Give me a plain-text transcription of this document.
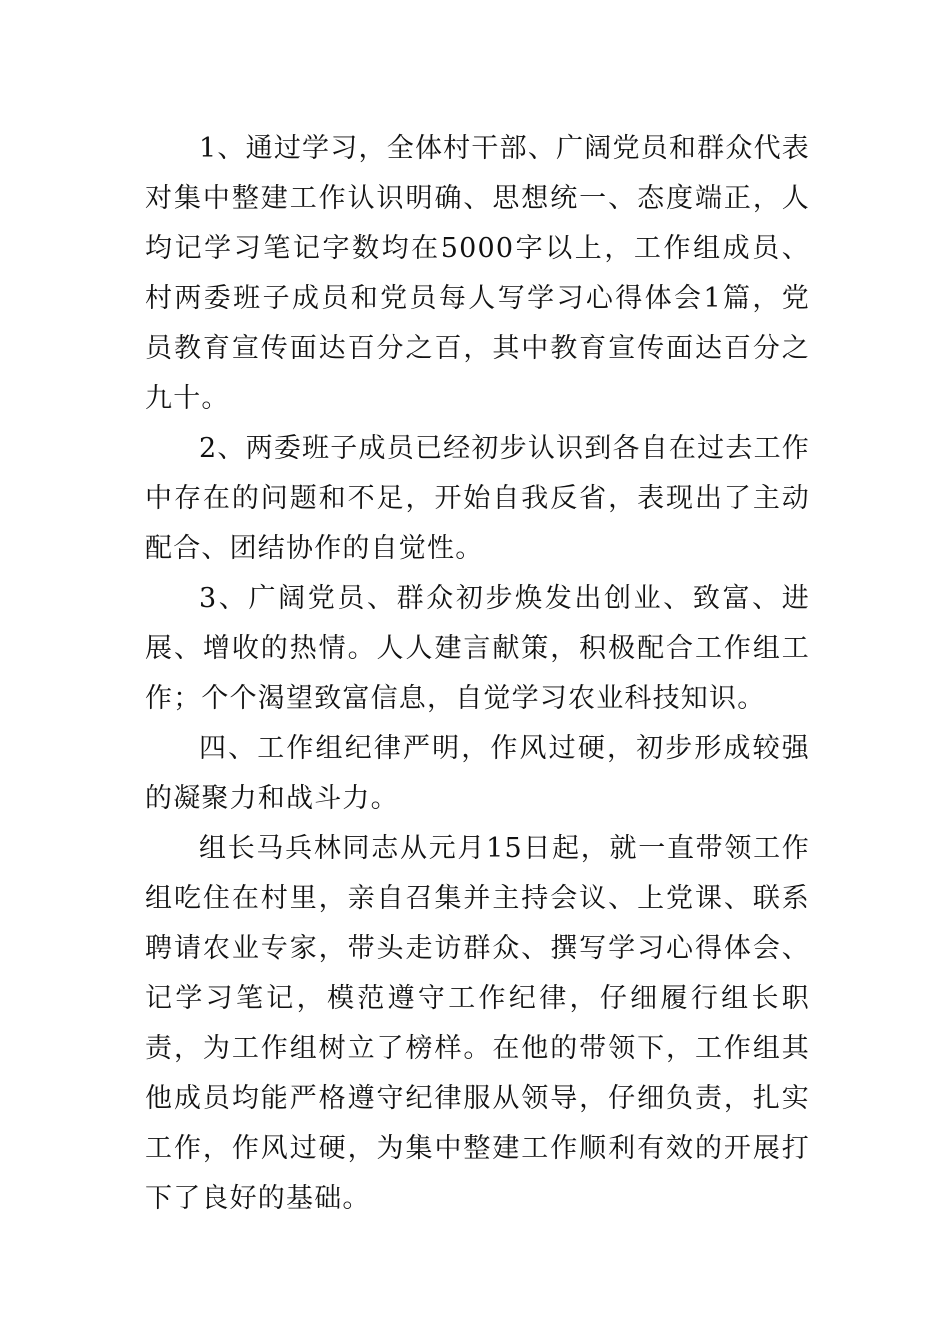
1、通过学习，全体村干部、广阔党员和群众代表对集中整建工作认识明确、思想统一、态度端正，人均记学习笔记字数均在5000字以上，工作组成员、村两委班子成员和党员每人写学习心得体会1篇，党员教育宣传面达百分之百，其中教育宣传面达百分之九十。

2、两委班子成员已经初步认识到各自在过去工作中存在的问题和不足，开始自我反省，表现出了主动配合、团结协作的自觉性。

3、广阔党员、群众初步焕发出创业、致富、进展、增收的热情。人人建言献策，积极配合工作组工作；个个渴望致富信息，自觉学习农业科技知识。

四、工作组纪律严明，作风过硬，初步形成较强的凝聚力和战斗力。

组长马兵林同志从元月15日起，就一直带领工作组吃住在村里，亲自召集并主持会议、上党课、联系聘请农业专家，带头走访群众、撰写学习心得体会、记学习笔记，模范遵守工作纪律，仔细履行组长职责，为工作组树立了榜样。在他的带领下，工作组其他成员均能严格遵守纪律服从领导，仔细负责，扎实工作，作风过硬，为集中整建工作顺利有效的开展打下了良好的基础。
